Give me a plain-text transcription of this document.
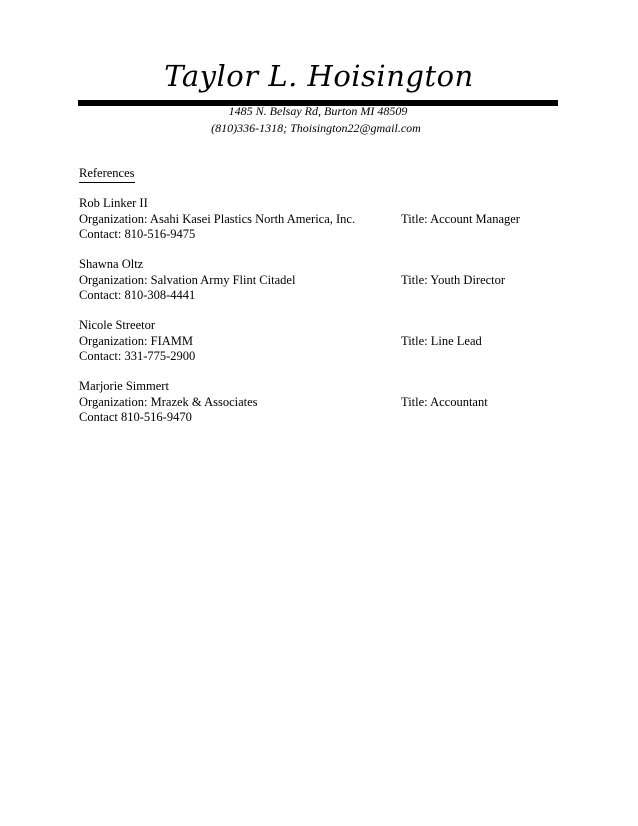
Taylor L. Hoisington
1485 N. Belsay Rd, Burton MI 48509
(810)336-1318; Thoisington22@gmail.com
References
Rob Linker II
Organization: Asahi Kasei Plastics North America, Inc.	Title: Account Manager
Contact: 810-516-9475
Shawna Oltz
Organization: Salvation Army Flint Citadel	Title: Youth Director
Contact: 810-308-4441
Nicole Streetor
Organization: FIAMM	Title: Line Lead
Contact: 331-775-2900
Marjorie Simmert
Organization: Mrazek & Associates	Title: Accountant
Contact 810-516-9470
